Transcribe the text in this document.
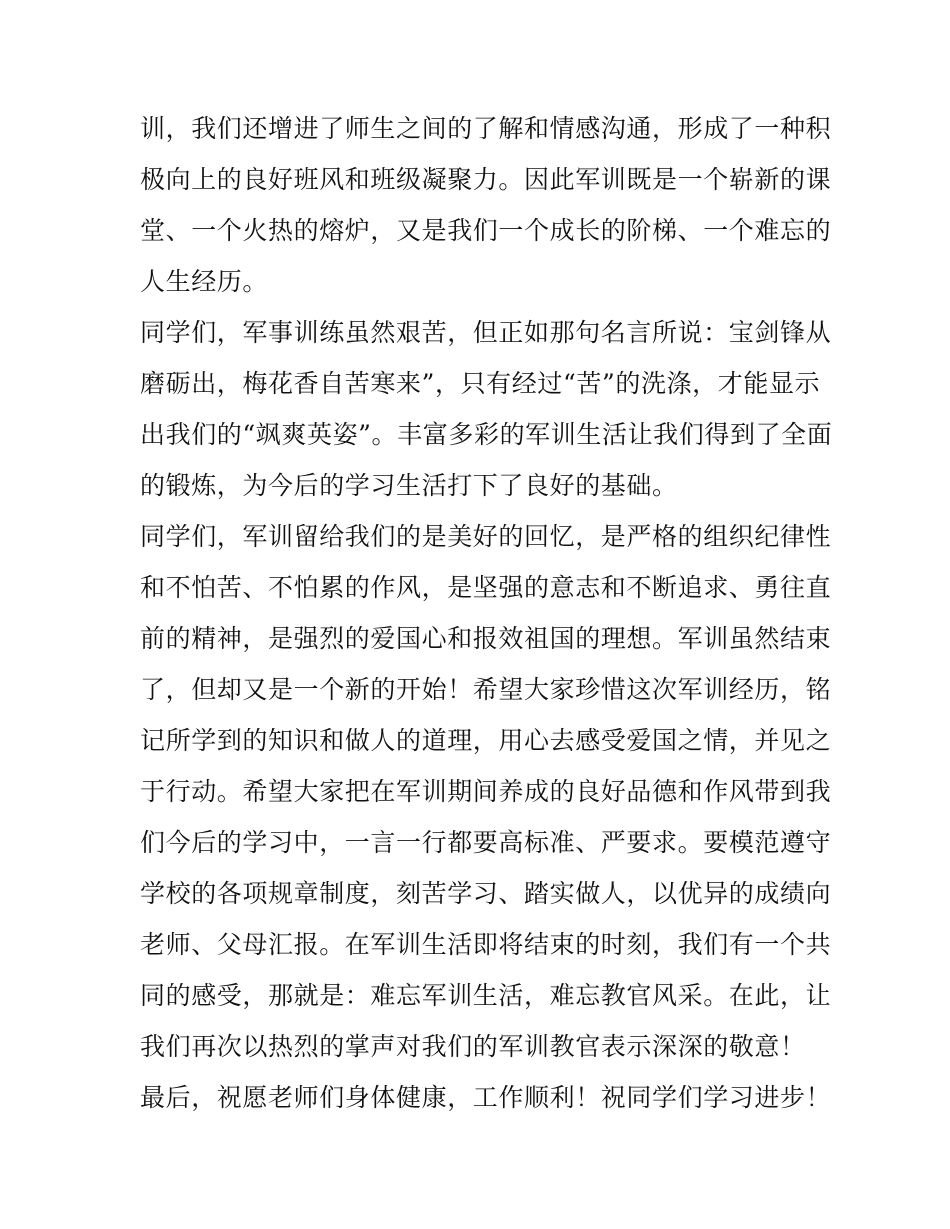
训，我们还增进了师生之间的了解和情感沟通，形成了一种积
极向上的良好班风和班级凝聚力。因此军训既是一个崭新的课
堂、一个火热的熔炉，又是我们一个成长的阶梯、一个难忘的
人生经历。
同学们，军事训练虽然艰苦，但正如那句名言所说：宝剑锋从
磨砺出，梅花香自苦寒来”，只有经过“苦”的洗涤，才能显示
出我们的“飒爽英姿”。丰富多彩的军训生活让我们得到了全面
的锻炼，为今后的学习生活打下了良好的基础。
同学们，军训留给我们的是美好的回忆，是严格的组织纪律性
和不怕苦、不怕累的作风，是坚强的意志和不断追求、勇往直
前的精神，是强烈的爱国心和报效祖国的理想。军训虽然结束
了，但却又是一个新的开始！希望大家珍惜这次军训经历，铭
记所学到的知识和做人的道理，用心去感受爱国之情，并见之
于行动。希望大家把在军训期间养成的良好品德和作风带到我
们今后的学习中，一言一行都要高标准、严要求。要模范遵守
学校的各项规章制度，刻苦学习、踏实做人，以优异的成绩向
老师、父母汇报。在军训生活即将结束的时刻，我们有一个共
同的感受，那就是：难忘军训生活，难忘教官风采。在此，让
我们再次以热烈的掌声对我们的军训教官表示深深的敬意！
最后，祝愿老师们身体健康，工作顺利！祝同学们学习进步！
